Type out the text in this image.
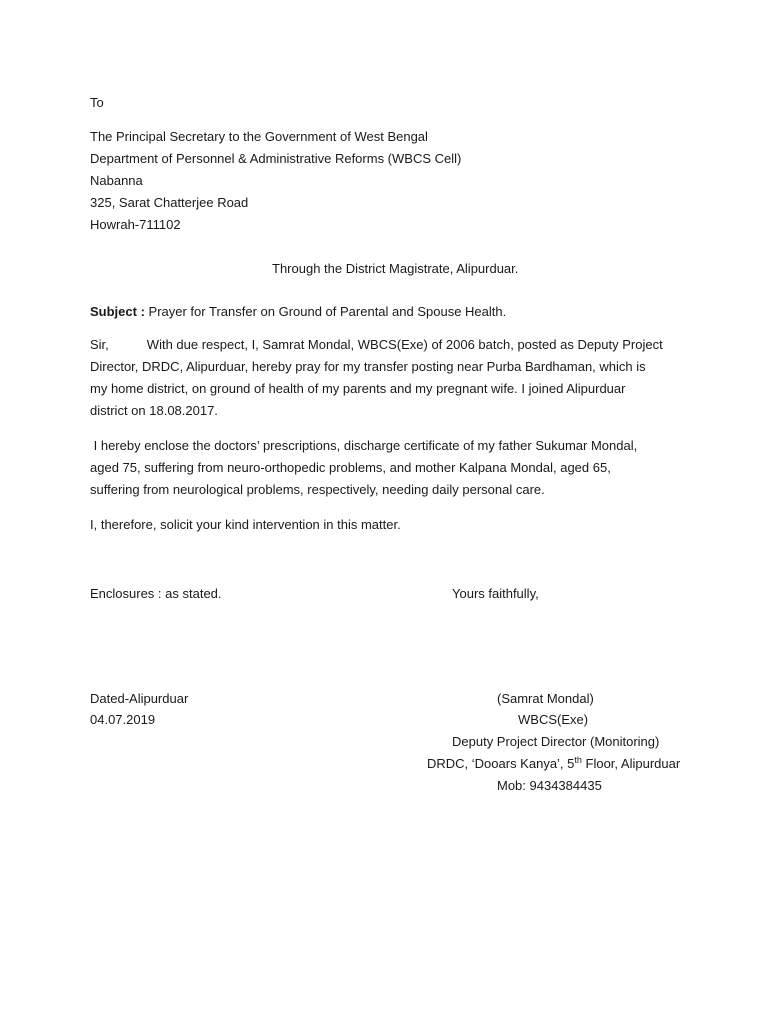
To
The Principal Secretary to the Government of West Bengal
Department of Personnel & Administrative Reforms (WBCS Cell)
Nabanna
325, Sarat Chatterjee Road
Howrah-711102
Through the District Magistrate, Alipurduar.
Subject : Prayer for Transfer on Ground of Parental and Spouse Health.
Sir,	With due respect, I, Samrat Mondal, WBCS(Exe) of 2006 batch, posted as Deputy Project
Director, DRDC, Alipurduar, hereby pray for my transfer posting near Purba Bardhaman, which is
my home district, on ground of health of my parents and my pregnant wife. I joined Alipurduar
district on 18.08.2017.
I hereby enclose the doctors’ prescriptions, discharge certificate of my father Sukumar Mondal,
aged 75, suffering from neuro-orthopedic problems, and mother Kalpana Mondal, aged 65,
suffering from neurological problems, respectively, needing daily personal care.
I, therefore, solicit your kind intervention in this matter.
Enclosures : as stated.	Yours faithfully,
Dated-Alipurduar
04.07.2019
(Samrat Mondal)
WBCS(Exe)
Deputy Project Director (Monitoring)
DRDC, ‘Dooars Kanya’, 5th Floor, Alipurduar
Mob: 9434384435
